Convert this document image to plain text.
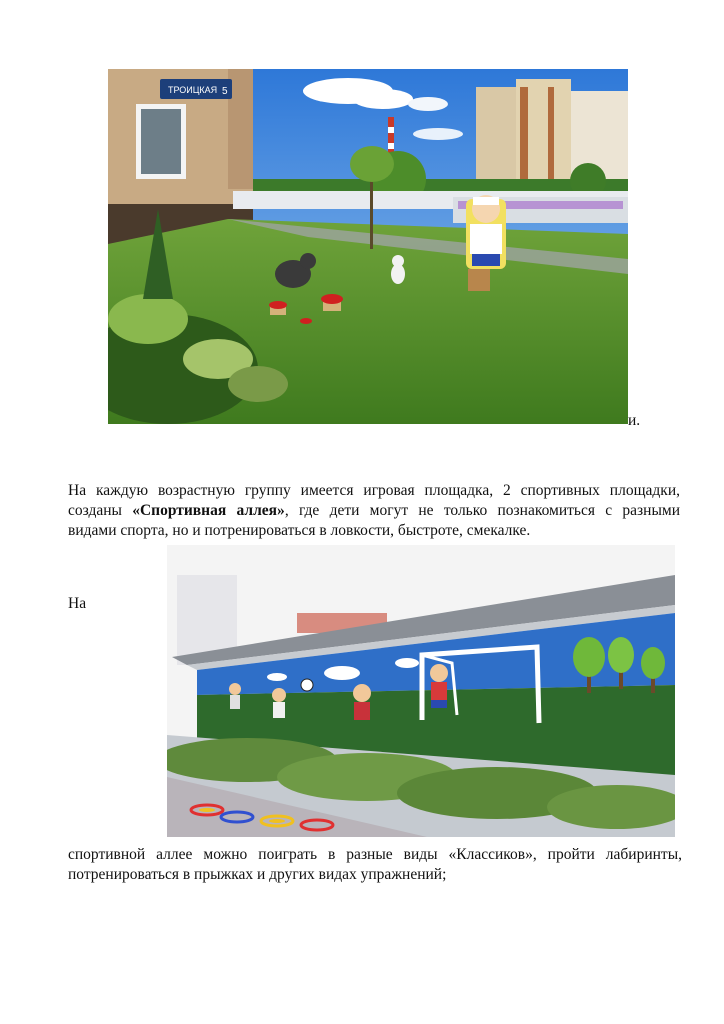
ТРОИЦКАЯ 5
и.
На каждую возрастную группу имеется игровая площадка, 2 спортивных площадки,
созданы «Спортивная аллея», где дети могут не только познакомиться с разными
видами спорта, но и потренироваться в ловкости, быстроте, смекалке.
На
спортивной аллее можно поиграть в разные виды «Классиков», пройти лабиринты,
потренироваться в прыжках и других видах упражнений;
